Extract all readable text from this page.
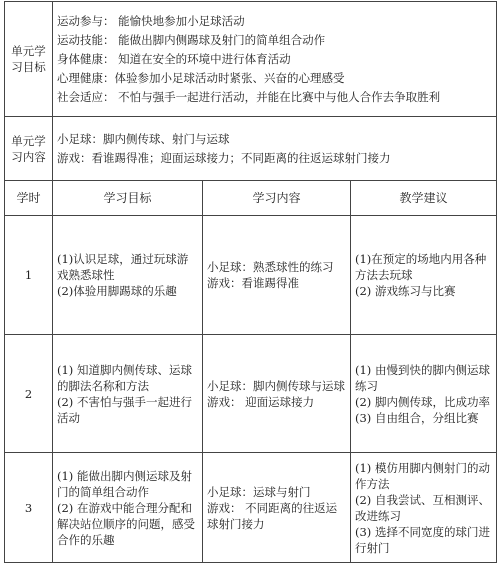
单元学
习目标	运动参与： 能愉快地参加小足球活动
运动技能： 能做出脚内侧踢球及射门的简单组合动作
身体健康： 知道在安全的环境中进行体育活动
心理健康：体验参加小足球活动时紧张、兴奋的心理感受
社会适应： 不怕与强手一起进行活动，并能在比赛中与他人合作去争取胜利		

单元学
习内容	小足球：脚内侧传球、射门与运球
游戏：看谁踢得准；迎面运球接力；不同距离的往返运球射门接力		

学时	学习目标	学习内容	教学建议
1	(1)认识足球，通过玩球游戏熟悉球性
(2)体验用脚踢球的乐趣	小足球：熟悉球性的练习
游戏：看谁踢得准	(1)在预定的场地内用各种方法去玩球
(2) 游戏练习与比赛

2	(1) 知道脚内侧传球、运球的脚法名称和方法
(2) 不害怕与强手一起进行活动	小足球：脚内侧传球与运球
游戏： 迎面运球接力	(1) 由慢到快的脚内侧运球练习
(2) 脚内侧传球，比成功率
(3) 自由组合，分组比赛

3	(1) 能做出脚内侧运球及射门的简单组合动作
(2) 在游戏中能合理分配和解决站位顺序的问题，感受合作的乐趣	小足球：运球与射门
游戏： 不同距离的往返运球射门接力	(1) 模仿用脚内侧射门的动作方法
(2) 自我尝试、互相测评、改进练习
(3) 选择不同宽度的球门进行射门
